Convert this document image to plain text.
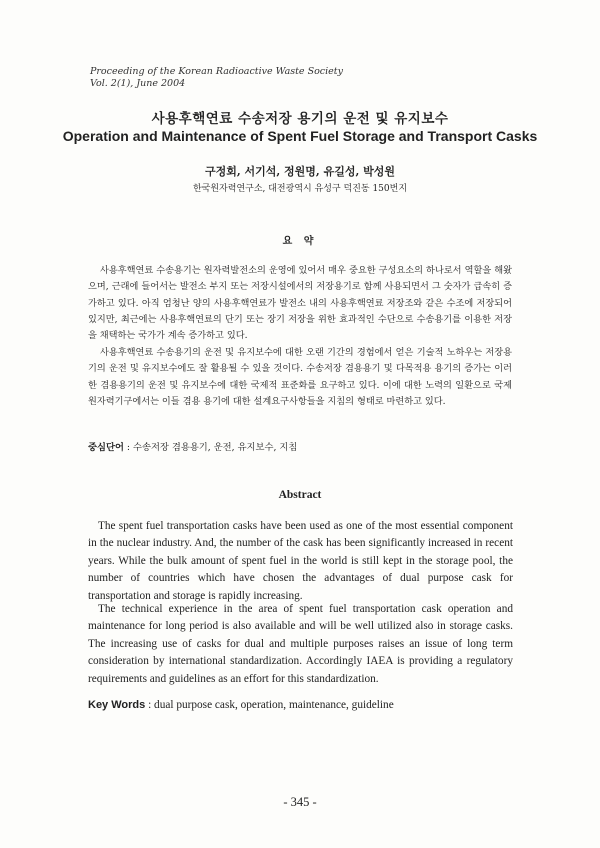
Proceeding of the Korean Radioactive Waste Society
Vol. 2(1), June 2004
사용후핵연료 수송저장 용기의 운전 및 유지보수
Operation and Maintenance of Spent Fuel Storage and Transport Casks
구정회, 서기석, 정원명, 유길성, 박성원
한국원자력연구소, 대전광역시 유성구 덕진동 150번지
요 약

사용후핵연료 수송용기는 원자력발전소의 운영에 있어서 매우 중요한 구성요소의 하나로서 역할을 해왔으며, 근래에 들어서는 발전소 부지 또는 저장시설에서의 저장용기로 함께 사용되면서 그 숫자가 급속히 증가하고 있다. 아직 엄청난 양의 사용후핵연료가 발전소 내의 사용후핵연료 저장조와 같은 수조에 저장되어 있지만, 최근에는 사용후핵연료의 단기 또는 장기 저장을 위한 효과적인 수단으로 수송용기를 이용한 저장을 채택하는 국가가 계속 증가하고 있다.

사용후핵연료 수송용기의 운전 및 유지보수에 대한 오랜 기간의 경험에서 얻은 기술적 노하우는 저장용기의 운전 및 유지보수에도 잘 활용될 수 있을 것이다. 수송저장 겸용용기 및 다목적용 용기의 증가는 이러한 겸용용기의 운전 및 유지보수에 대한 국제적 표준화를 요구하고 있다. 이에 대한 노력의 일환으로 국제원자력기구에서는 이들 겸용 용기에 대한 설계요구사항들을 지침의 형태로 마련하고 있다.

중심단어 : 수송저장 겸용용기, 운전, 유지보수, 지침
Abstract

The spent fuel transportation casks have been used as one of the most essential component in the nuclear industry. And, the number of the cask has been significantly increased in recent years. While the bulk amount of spent fuel in the world is still kept in the storage pool, the number of countries which have chosen the advantages of dual purpose cask for transportation and storage is rapidly increasing.

The technical experience in the area of spent fuel transportation cask operation and maintenance for long period is also available and will be well utilized also in storage casks. The increasing use of casks for dual and multiple purposes raises an issue of long term consideration by international standardization. Accordingly IAEA is providing a regulatory requirements and guidelines as an effort for this standardization.

Key Words : dual purpose cask, operation, maintenance, guideline
- 345 -
